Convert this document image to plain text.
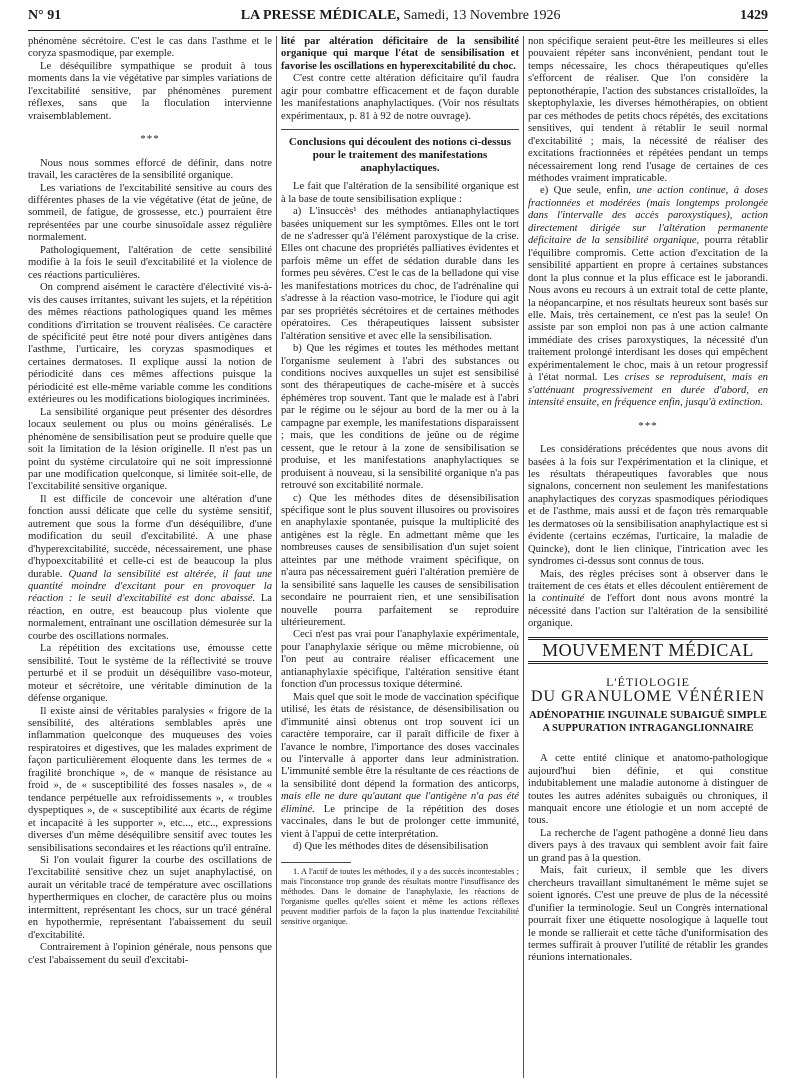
N° 91	LA PRESSE MÉDICALE, Samedi, 13 Novembre 1926	1429

phénomène sécrétoire. C'est le cas dans l'asthme et le coryza spasmodique, par exemple.

Le déséquilibre sympathique se produit à tous moments dans la vie végétative par simples variations de l'excitabilité sensitive, par phénomènes purement réflexes, sans que la floculation intervienne vraisemblablement.

***

Nous nous sommes efforcé de définir, dans notre travail, les caractères de la sensibilité organique.

Les variations de l'excitabilité sensitive au cours des différentes phases de la vie végétative (état de jeûne, de sommeil, de fatigue, de grossesse, etc.) pourraient être représentées par une courbe sinusoïdale assez régulière normalement.

Pathologiquement, l'altération de cette sensibilité modifie à la fois le seuil d'excitabilité et la violence de ces réactions particulières.

On comprend aisément le caractère d'électivité vis-à-vis des causes irritantes, suivant les sujets, et la répétition des mêmes réactions pathologiques quand les mêmes conditions d'irritation se trouvent réalisées. Ce caractère de spécificité peut être noté pour divers antigènes dans l'asthme, l'urticaire, les coryzas spasmodiques et certaines dermatoses. Il explique aussi la notion de périodicité dans ces mêmes affections puisque la périodicité est elle-même variable comme les conditions extérieures ou les modifications biologiques incriminées.

La sensibilité organique peut présenter des désordres locaux seulement ou plus ou moins généralisés. Le phénomène de sensibilisation peut se produire quelle que soit la limitation de la lésion originelle. Il n'est pas un point du système circulatoire qui ne soit impressionné par une modification quelconque, si limitée soit-elle, de l'excitabilité sensitive organique.

Il est difficile de concevoir une altération d'une fonction aussi délicate que celle du système sensitif, autrement que sous la forme d'un déséquilibre, d'une modification du seuil d'excitabilité. A une phase d'hyperexcitabilité, succède, nécessairement, une phase d'hypoexcitabilité et celle-ci est de beaucoup la plus durable. Quand la sensibilité est altérée, il faut une quantité moindre d'excitant pour en provoquer la réaction : le seuil d'excitabilité est donc abaissé. La réaction, en outre, est beaucoup plus violente que normalement, entraînant une oscillation démesurée sur la courbe des oscillations normales.

La répétition des excitations use, émousse cette sensibilité. Tout le système de la réflectivité se trouve perturbé et il se produit un déséquilibre vaso-moteur, moteur et sécrétoire, une véritable diminution de la défense organique.

Il existe ainsi de véritables paralysies « frigore de la sensibilité, des altérations semblables après une inflammation quelconque des muqueuses des voies respiratoires et digestives, que les malades expriment de façon particulièrement éloquente dans les termes de « fragilité bronchique », de « manque de résistance au froid », de « susceptibilité des fosses nasales », de « tendance perpétuelle aux refroidissements », « troubles dyspeptiques », de « susceptibilité aux écarts de régime et incapacité à les supporter », etc..., etc.., expressions diverses d'un même déséquilibre sensitif avec toutes les sensibilisations secondaires et les réactions qu'il entraîne.

Si l'on voulait figurer la courbe des oscillations de l'excitabilité sensitive chez un sujet anaphylactisé, on aurait un véritable tracé de température avec oscillations hyperthermiques en clocher, de caractère plus ou moins intermittent, représentant les chocs, sur un tracé général en hypothermie, représentant l'abaissement du seuil d'excitabilité.

Contrairement à l'opinion générale, nous pensons que c'est l'abaissement du seuil d'excitabi-

lité par altération déficitaire de la sensibilité organique qui marque l'état de sensibilisation et favorise les oscillations en hyperexcitabilité du choc.

C'est contre cette altération déficitaire qu'il faudra agir pour combattre efficacement et de façon durable les manifestations anaphylactiques. (Voir nos résultats expérimentaux, p. 81 à 92 de notre ouvrage).

Conclusions qui découlent des notions ci-dessus pour le traitement des manifestations anaphylactiques.

Le fait que l'altération de la sensibilité organique est à la base de toute sensibilisation explique :

a) L'insuccès¹ des méthodes antianaphylactiques basées uniquement sur les symptômes. Elles ont le tort de ne s'adresser qu'à l'élément paroxystique de la crise. Elles ont chacune des propriétés palliatives évidentes et parfois même un effet de sédation durable dans les formes peu sévères. C'est le cas de la belladone qui vise les manifestations motrices du choc, de l'adrénaline qui s'adresse à la réaction vaso-motrice, le l'iodure qui agit par ses propriétés sécrétoires et de certaines méthodes opératoires. Ces thérapeutiques laissent subsister l'altération sensitive et avec elle la sensibilisation.

b) Que les régimes et toutes les méthodes mettant l'organisme seulement à l'abri des substances ou conditions nocives auxquelles un sujet est sensibilisé sont des thérapeutiques de cache-misère et à succès éphémères trop souvent. Tant que le malade est à l'abri par le régime ou le séjour au bord de la mer ou à la campagne par exemple, les manifestations disparaissent ; mais, que les conditions de jeûne ou de régime cessent, que le retour à la zone de sensibilisation se produise, et les manifestations anaphylactiques se produisent à nouveau, si la sensibilité organique n'a pas retrouvé son excitabilité normale.

c) Que les méthodes dites de désensibilisation spécifique sont le plus souvent illusoires ou provisoires en anaphylaxie spontanée, puisque la multiplicité des antigènes est la règle. En admettant même que les nombreuses causes de sensibilisation d'un sujet soient atteintes par une méthode vraiment spécifique, on n'aura pas nécessairement guéri l'altération première de la sensibilité sans laquelle les causes de sensibilisation secondaire ne pourraient rien, et une sensibilisation nouvelle pourra parfaitement se reproduire ultérieurement.

Ceci n'est pas vrai pour l'anaphylaxie expérimentale, pour l'anaphylaxie sérique ou même microbienne, où l'on peut au contraire réaliser efficacement une antianaphylaxie spécifique, l'altération sensitive étant fonction d'un processus toxique déterminé.

Mais quel que soit le mode de vaccination spécifique utilisé, les états de résistance, de désensibilisation ou d'immunité ainsi obtenus ont trop souvent ici un caractère temporaire, car il paraît difficile de fixer à l'avance le nombre, l'importance des doses vaccinales ou l'intervalle à apporter dans leur administration. L'immunité semble être la résultante de ces réactions de la sensibilité dont dépend la formation des anticorps, mais elle ne dure qu'autant que l'antigène n'a pas été éliminé. Le principe de la répétition des doses vaccinales, dans le but de prolonger cette immunité, vient à l'appui de cette interprétation.

d) Que les méthodes dites de désensibilisation

1. A l'actif de toutes les méthodes, il y a des succès incontestables ; mais l'inconstance trop grande des résultats montre l'insuffisance des méthodes. Dans le domaine de l'anaphylaxie, les réactions de l'organisme quelles qu'elles soient et même les actions réflexes peuvent modifier parfois de la façon la plus inattendue l'excitabilité sensitive organique.

non spécifique seraient peut-être les meilleures si elles pouvaient répéter sans inconvénient, pendant tout le temps nécessaire, les chocs thérapeutiques qu'elles s'efforcent de réaliser. Que l'on considère la peptonothérapie, l'action des substances cristalloïdes, la skeptophylaxie, les diverses hémothérapies, on obtient par ces méthodes de petits chocs répétés, des excitations sensitives, qui tendent à rétablir le seuil normal d'excitabilité ; mais, la nécessité de réaliser des excitations fractionnées et répétées pendant un temps nécessairement long rend l'usage de certaines de ces méthodes vraiment impraticable.

e) Que seule, enfin, une action continue, à doses fractionnées et modérées (mais longtemps prolongée dans l'intervalle des accès paroxystiques), action directement dirigée sur l'altération permanente déficitaire de la sensibilité organique, pourra rétablir l'équilibre compromis. Cette action d'excitation de la sensibilité appartient en propre à certaines substances dont la plus connue et la plus efficace est le jaborandi. Nous avons eu recours à un extrait total de cette plante, la néopancarpine, et nos résultats heureux sont basés sur elle. Mais, très certainement, ce n'est pas la seule! On assiste par son emploi non pas à une action calmante immédiate des crises paroxystiques, la nécessité d'un traitement prolongé interdisant les doses qui empêchent expérimentalement le choc, mais à un retour progressif à l'état normal. Les crises se reproduisent, mais en s'atténuant progressivement en durée d'abord, en intensité ensuite, en fréquence enfin, jusqu'à extinction.

***

Les considérations précédentes que nous avons dit basées à la fois sur l'expérimentation et la clinique, et les résultats thérapeutiques favorables que nous signalons, concernent non seulement les manifestations anaphylactiques des coryzas spasmodiques périodiques et de l'asthme, mais aussi et de façon très remarquable les dermatoses où la sensibilisation anaphylactique est si évidente (certains eczémas, l'urticaire, la maladie de Quincke), dont le lien clinique, l'intrication avec les syndromes ci-dessus sont connus de tous.

Mais, des règles précises sont à observer dans le traitement de ces états et elles découlent entièrement de la continuité de l'effort dont nous avons montré la nécessité dans l'action sur l'altération de la sensibilité organique.

MOUVEMENT MÉDICAL
L'ÉTIOLOGIE
DU GRANULOME VÉNÉRIEN
ADÉNOPATHIE INGUINALE SUBAIGUË SIMPLE
A SUPPURATION INTRAGANGLIONNAIRE

A cette entité clinique et anatomo-pathologique aujourd'hui bien définie, et qui constitue indubitablement une maladie autonome à distinguer de toutes les autres adénites subaiguës ou chroniques, il manquait encore une étiologie et un nom accepté de tous.

La recherche de l'agent pathogène a donné lieu dans divers pays à des travaux qui semblent avoir fait faire un grand pas à la question.

Mais, fait curieux, il semble que les divers chercheurs travaillant simultanément le même sujet se soient ignorés. C'est une preuve de plus de la nécessité d'unifier la terminologie. Seul un Congrès international pourrait fixer une étiquette nosologique à laquelle tout le monde se rallierait et cette tâche d'uniformisation des termes suffirait à prouver l'utilité de rétablir les grandes réunions internationales.
